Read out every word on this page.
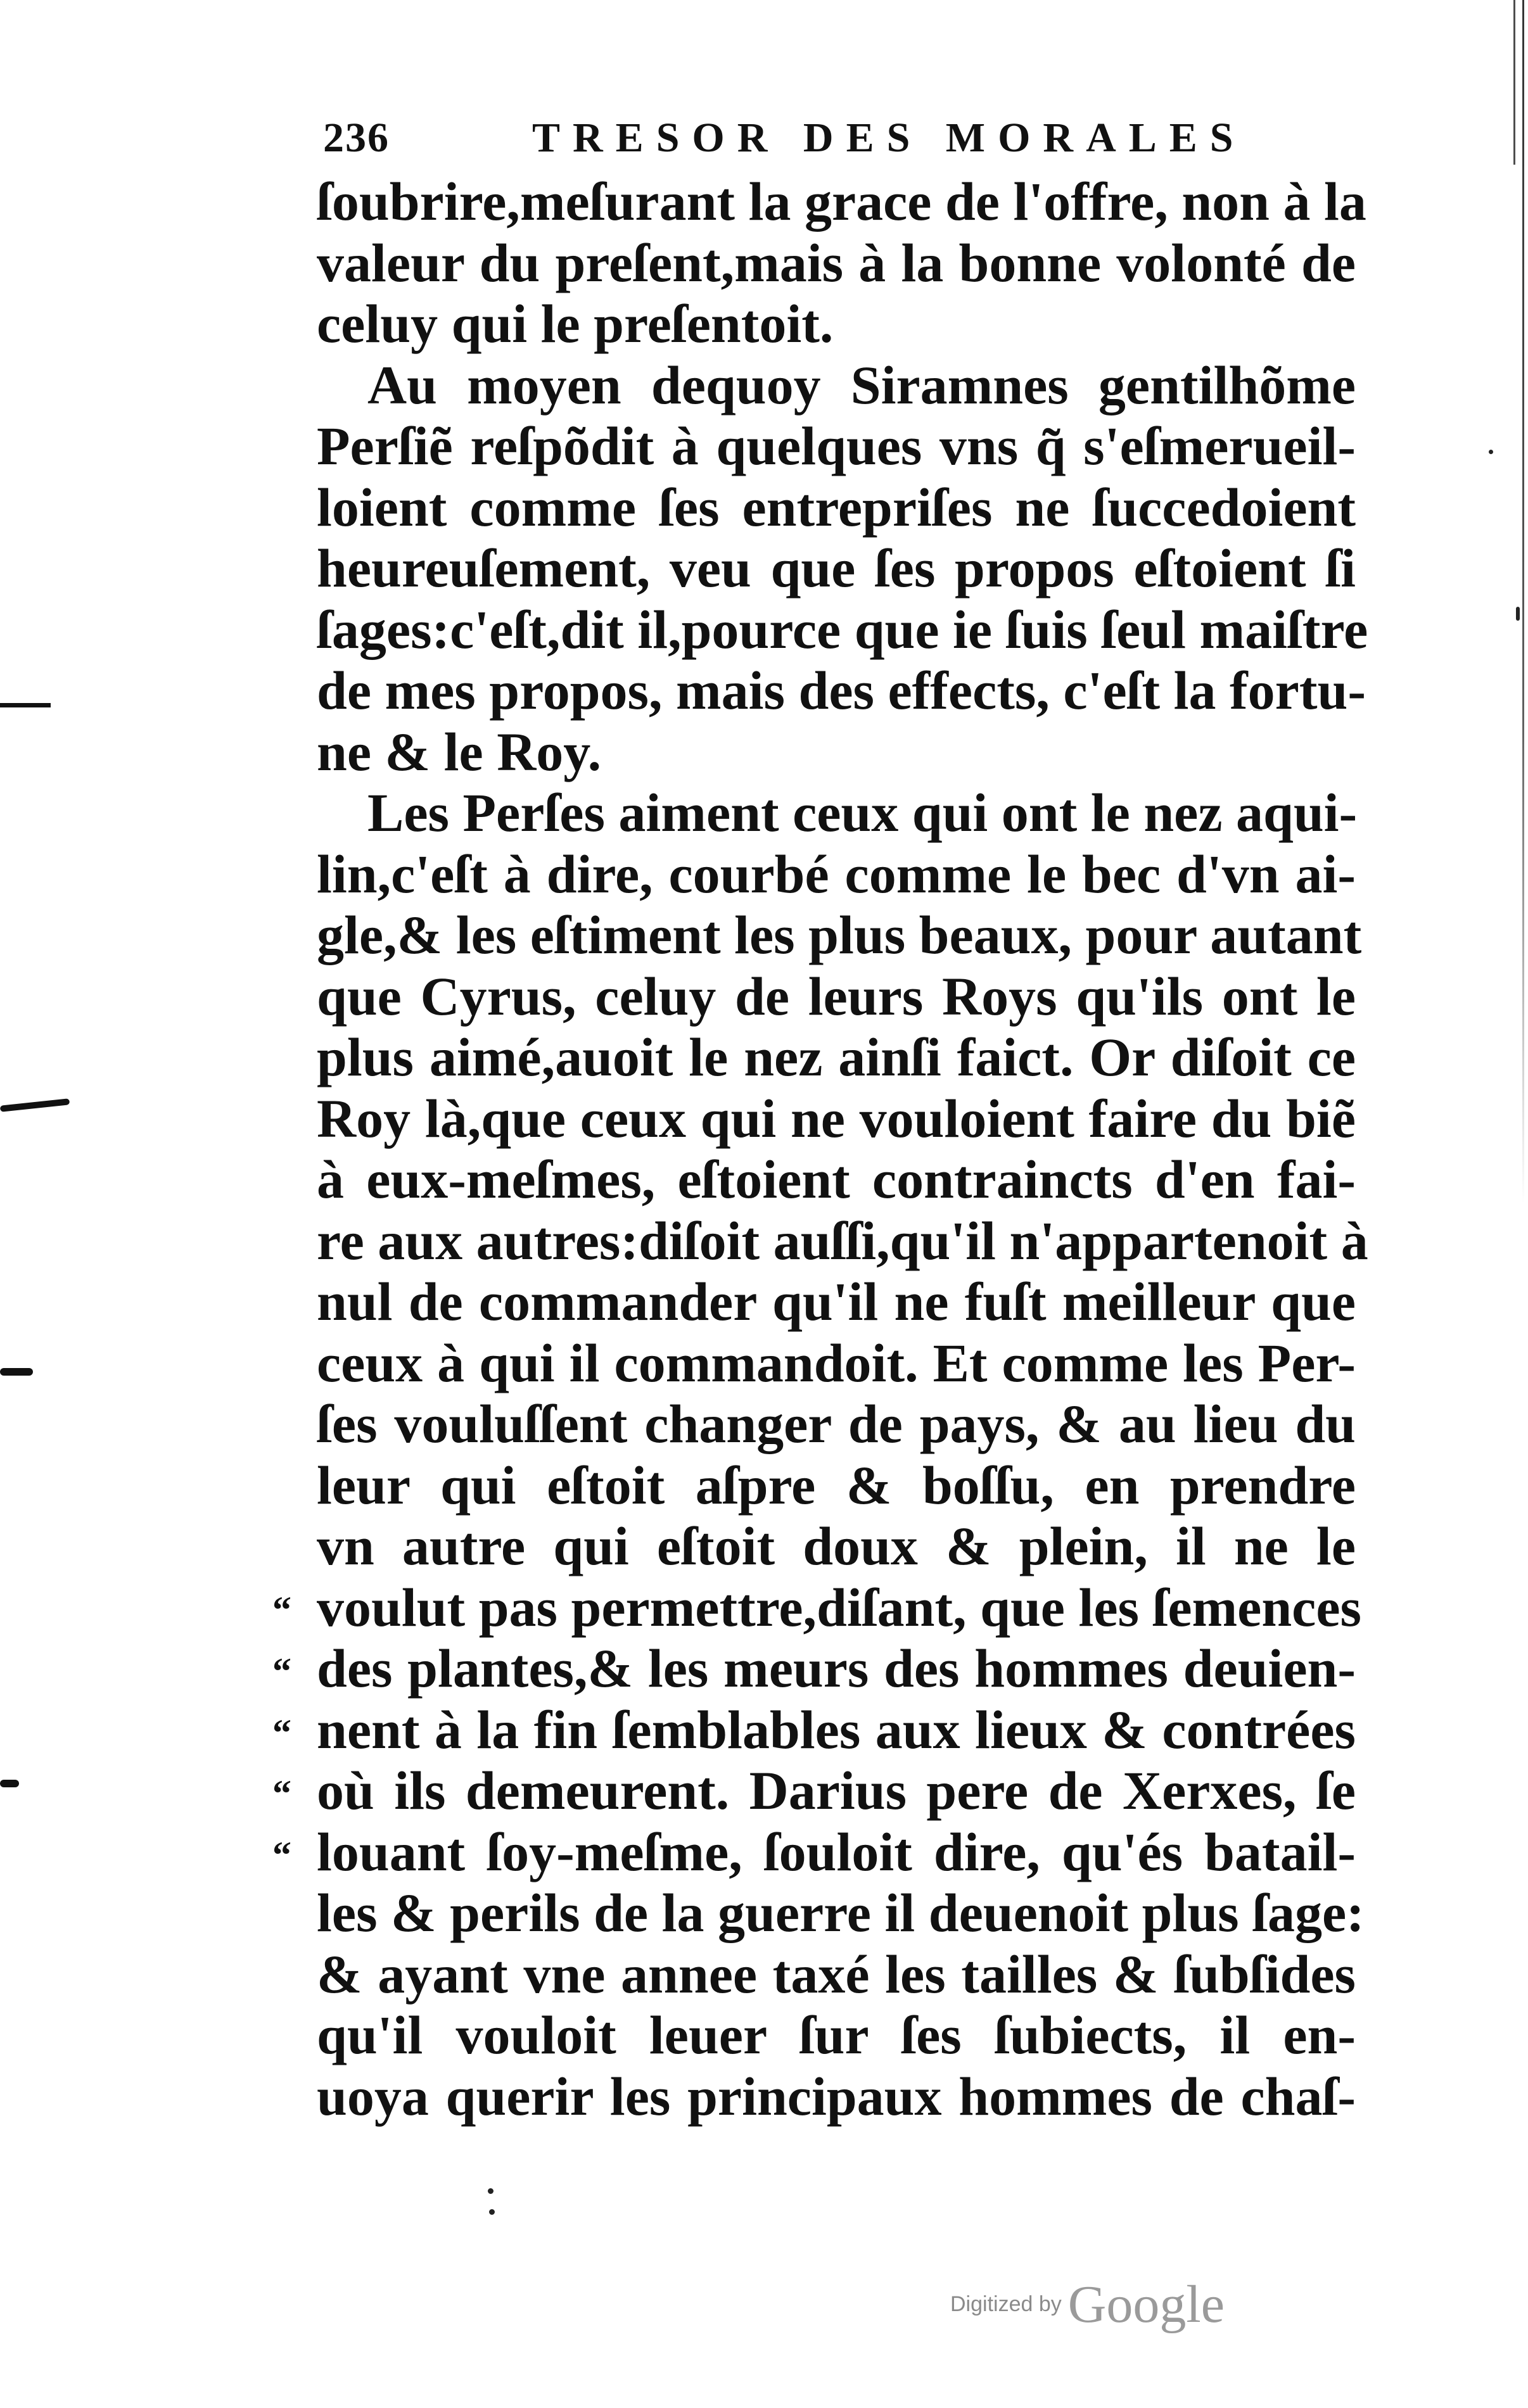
236	TRESOR DES MORALES
ſoubrire,meſurant la grace de l'offre, non à la
valeur du preſent,mais à la bonne volonté de
celuy qui le preſentoit.
Au moyen dequoy Siramnes gentilhõme
Perſiẽ reſpõdit à quelques vns q̃ s'eſmerueil-
loient comme ſes entrepriſes ne ſuccedoient
heureuſement, veu que ſes propos eſtoient ſi
ſages:c'eſt,dit il,pource que ie ſuis ſeul maiſtre
de mes propos, mais des effects, c'eſt la fortu-
ne & le Roy.
Les Perſes aiment ceux qui ont le nez aqui-
lin,c'eſt à dire, courbé comme le bec d'vn ai-
gle,& les eſtiment les plus beaux, pour autant
que Cyrus, celuy de leurs Roys qu'ils ont le
plus aimé,auoit le nez ainſi faict. Or diſoit ce
Roy là,que ceux qui ne vouloient faire du biẽ
à eux-meſmes, eſtoient contraincts d'en fai-
re aux autres:diſoit auſſi,qu'il n'appartenoit à
nul de commander qu'il ne fuſt meilleur que
ceux à qui il commandoit. Et comme les Per-
ſes vouluſſent changer de pays, & au lieu du
leur qui eſtoit aſpre & boſſu, en prendre
vn autre qui eſtoit doux & plein, il ne le
voulut pas permettre,diſant, que les ſemences
des plantes,& les meurs des hommes deuien-
nent à la fin ſemblables aux lieux & contrées
où ils demeurent. Darius pere de Xerxes, ſe
louant ſoy-meſme, ſouloit dire, qu'és batail-
les & perils de la guerre il deuenoit plus ſage:
& ayant vne annee taxé les tailles & ſubſides
qu'il vouloit leuer ſur ſes ſubiects, il en-
uoya querir les principaux hommes de chaſ-
“
“
“
“
“
Digitized by Google
